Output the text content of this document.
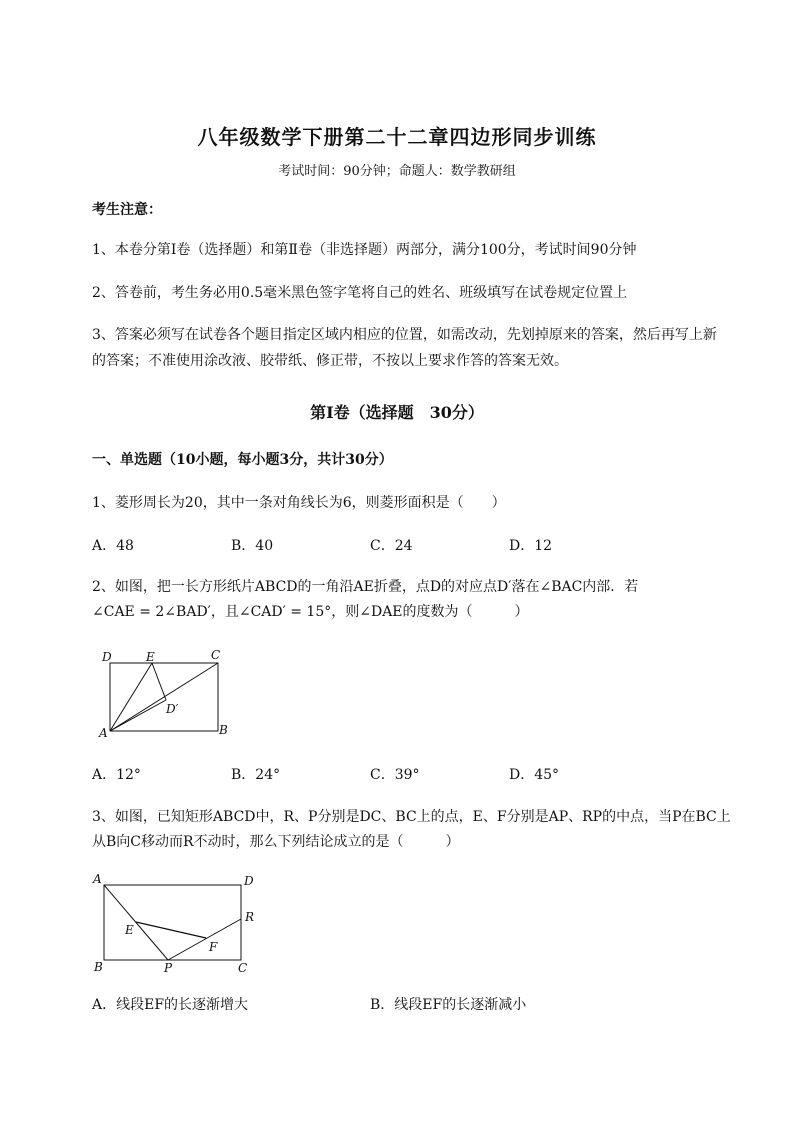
八年级数学下册第二十二章四边形同步训练
考试时间：90分钟；命题人：数学教研组
考生注意：
1、本卷分第I卷（选择题）和第Ⅱ卷（非选择题）两部分，满分100分，考试时间90分钟
2、答卷前，考生务必用0.5毫米黑色签字笔将自己的姓名、班级填写在试卷规定位置上
3、答案必须写在试卷各个题目指定区域内相应的位置，如需改动，先划掉原来的答案，然后再写上新
的答案；不准使用涂改液、胶带纸、修正带，不按以上要求作答的答案无效。
第I卷（选择题　30分）
一、单选题（10小题，每小题3分，共计30分）
1、菱形周长为20，其中一条对角线长为6，则菱形面积是（　　）
A．48	B．40	C．24	D．12
2、如图，把一长方形纸片ABCD的一角沿AE折叠，点D的对应点D′落在∠BAC内部．若
∠CAE = 2∠BAD′，且∠CAD′ = 15°，则∠DAE的度数为（　　　）
D	E	C
D′
A	B
A．12°	B．24°	C．39°	D．45°
3、如图，已知矩形ABCD中，R、P分别是DC、BC上的点，E、F分别是AP、RP的中点，当P在BC上
从B向C移动而R不动时，那么下列结论成立的是（　　　）
A	D
R
E
F
B	P	C
A．线段EF的长逐渐增大	B．线段EF的长逐渐减小
